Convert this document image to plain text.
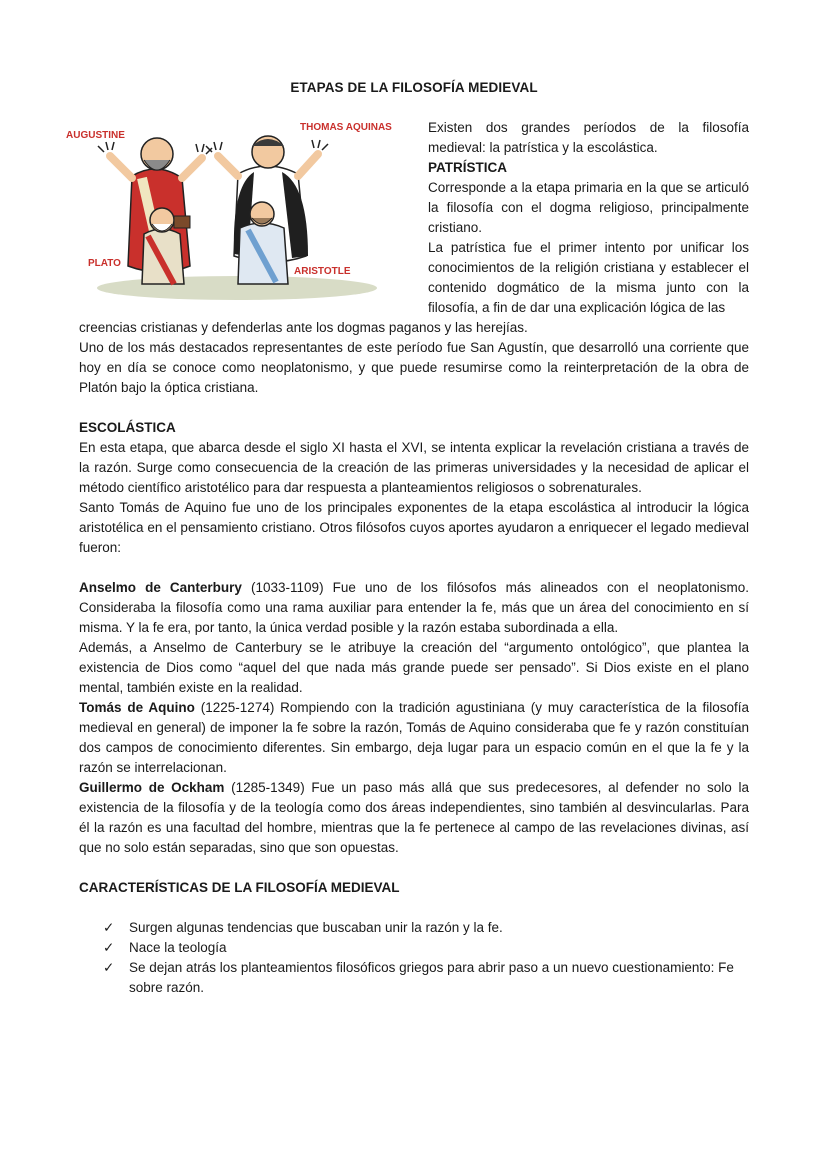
ETAPAS DE LA FILOSOFÍA MEDIEVAL
AUGUSTINE
THOMAS AQUINAS
PLATO
ARISTOTLE

Existen dos grandes períodos de la filosofía medieval: la patrística y la escolástica.

PATRÍSTICA

Corresponde a la etapa primaria en la que se articuló la filosofía con el dogma religioso, principalmente cristiano.

La patrística fue el primer intento por unificar los conocimientos de la religión cristiana y establecer el contenido dogmático de la misma junto con la filosofía, a fin de dar una explicación lógica de las

creencias cristianas y defenderlas ante los dogmas paganos y las herejías.

Uno de los más destacados representantes de este período fue San Agustín, que desarrolló una corriente que hoy en día se conoce como neoplatonismo, y que puede resumirse como la reinterpretación de la obra de Platón bajo la óptica cristiana.

ESCOLÁSTICA

En esta etapa, que abarca desde el siglo XI hasta el XVI, se intenta explicar la revelación cristiana a través de la razón. Surge como consecuencia de la creación de las primeras universidades y la necesidad de aplicar el método científico aristotélico para dar respuesta a planteamientos religiosos o sobrenaturales.

Santo Tomás de Aquino fue uno de los principales exponentes de la etapa escolástica al introducir la lógica aristotélica en el pensamiento cristiano. Otros filósofos cuyos aportes ayudaron a enriquecer el legado medieval fueron:

Anselmo de Canterbury (1033-1109) Fue uno de los filósofos más alineados con el neoplatonismo. Consideraba la filosofía como una rama auxiliar para entender la fe, más que un área del conocimiento en sí misma. Y la fe era, por tanto, la única verdad posible y la razón estaba subordinada a ella.

Además, a Anselmo de Canterbury se le atribuye la creación del “argumento ontológico”, que plantea la existencia de Dios como “aquel del que nada más grande puede ser pensado”. Si Dios existe en el plano mental, también existe en la realidad.

Tomás de Aquino (1225-1274) Rompiendo con la tradición agustiniana (y muy característica de la filosofía medieval en general) de imponer la fe sobre la razón, Tomás de Aquino consideraba que fe y razón constituían dos campos de conocimiento diferentes. Sin embargo, deja lugar para un espacio común en el que la fe y la razón se interrelacionan.

Guillermo de Ockham (1285-1349) Fue un paso más allá que sus predecesores, al defender no solo la existencia de la filosofía y de la teología como dos áreas independientes, sino también al desvincularlas. Para él la razón es una facultad del hombre, mientras que la fe pertenece al campo de las revelaciones divinas, así que no solo están separadas, sino que son opuestas.

CARACTERÍSTICAS DE LA FILOSOFÍA MEDIEVAL

✓ Surgen algunas tendencias que buscaban unir la razón y la fe.
✓ Nace la teología
✓ Se dejan atrás los planteamientos filosóficos griegos para abrir paso a un nuevo cuestionamiento: Fe sobre razón.
